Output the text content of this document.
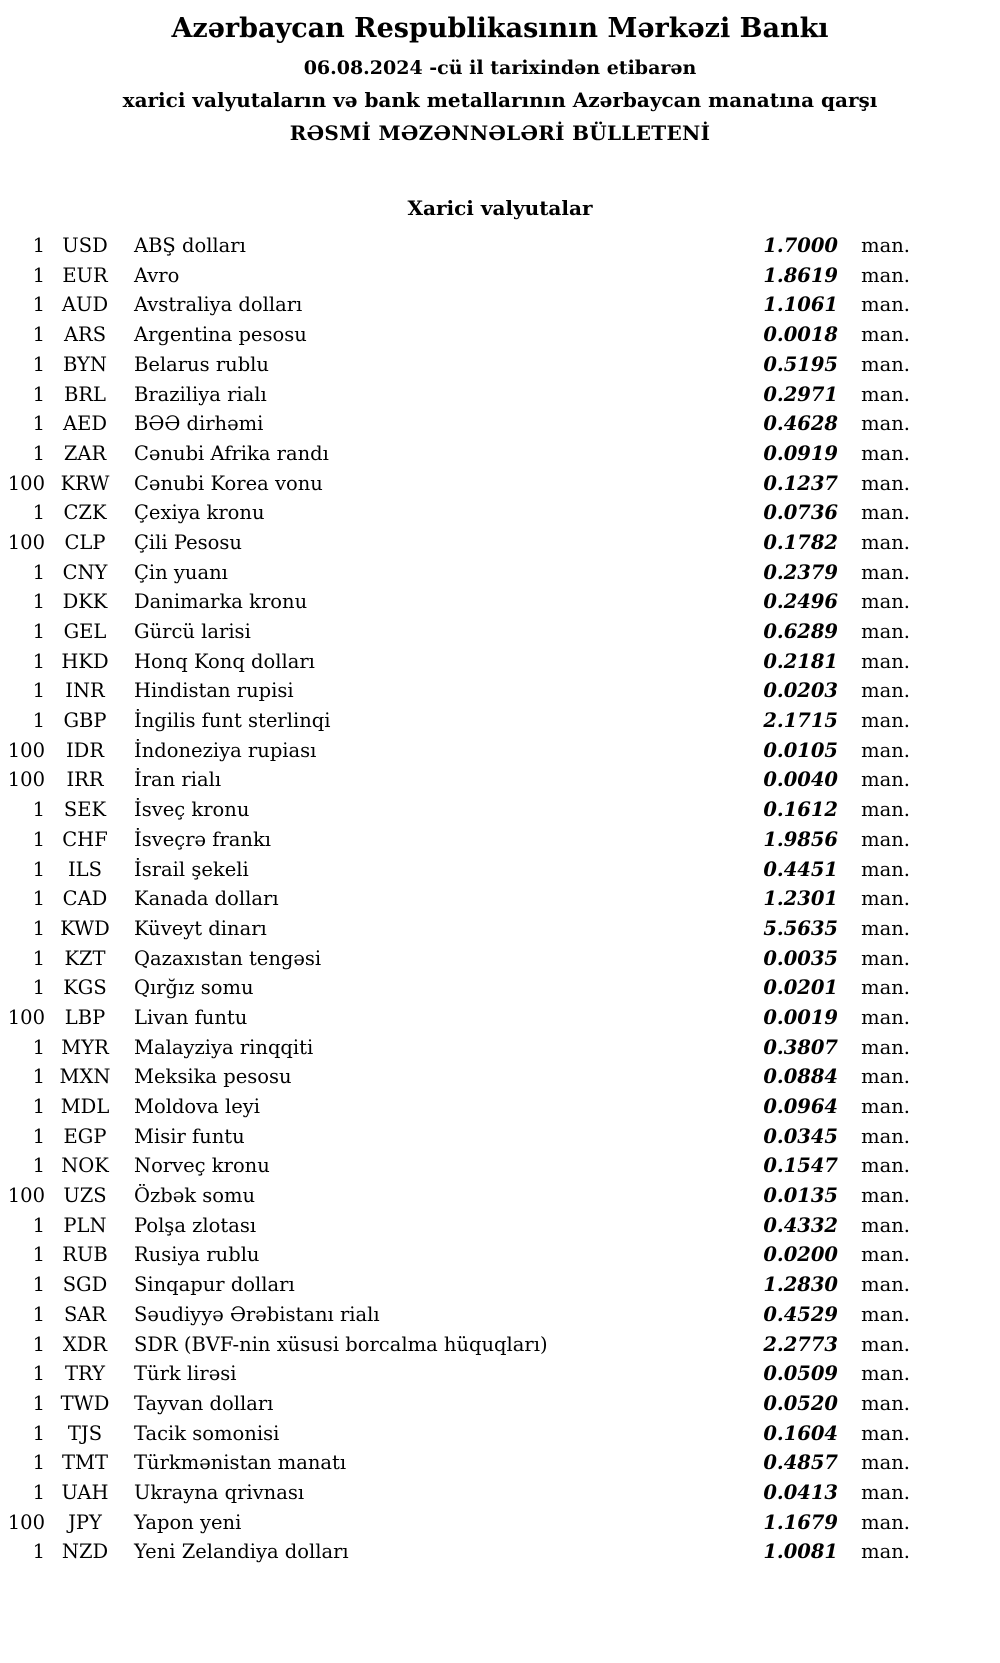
Azərbaycan Respublikasının Mərkəzi Bankı
06.08.2024 -cü il tarixindən etibarən
xarici valyutaların və bank metallarının Azərbaycan manatına qarşı
RƏSMİ MƏZƏNNƏLƏRİ BÜLLETENİ
Xarici valyutalar
1 USD	ABŞ dolları	1.7000	man.
1 EUR	Avro	1.8619	man.
1 AUD	Avstraliya dolları	1.1061	man.
1 ARS	Argentina pesosu	0.0018	man.
1 BYN	Belarus rublu	0.5195	man.
1 BRL	Braziliya rialı	0.2971	man.
1 AED	BƏƏ dirhəmi	0.4628	man.
1 ZAR	Cənubi Afrika randı	0.0919	man.
100 KRW	Cənubi Korea vonu	0.1237	man.
1 CZK	Çexiya kronu	0.0736	man.
100	CLP	Çili Pesosu	0.1782	man.
1 CNY	Çin yuanı	0.2379	man.
1 DKK	Danimarka kronu	0.2496	man.
1 GEL	Gürcü larisi	0.6289	man.
1 HKD	Honq Konq dolları	0.2181	man.
1	INR	Hindistan rupisi	0.0203	man.
1 GBP	İngilis funt sterlinqi	2.1715	man.
100	IDR	İndoneziya rupiası	0.0105	man.
100	IRR	İran rialı	0.0040	man.
1 SEK	İsveç kronu	0.1612	man.
1 CHF	İsveçrə frankı	1.9856	man.
1	ILS	İsrail şekeli	0.4451	man.
1 CAD	Kanada dolları	1.2301	man.
1 KWD	Küveyt dinarı	5.5635	man.
1 KZT	Qazaxıstan tengəsi	0.0035	man.
1 KGS	Qırğız somu	0.0201	man.
100	LBP	Livan funtu	0.0019	man.
1 MYR	Malayziya rinqqiti	0.3807	man.
1 MXN	Meksika pesosu	0.0884	man.
1 MDL	Moldova leyi	0.0964	man.
1 EGP	Misir funtu	0.0345	man.
1 NOK	Norveç kronu	0.1547	man.
100 UZS	Özbək somu	0.0135	man.
1 PLN	Polşa zlotası	0.4332	man.
1 RUB	Rusiya rublu	0.0200	man.
1 SGD	Sinqapur dolları	1.2830	man.
1 SAR	Səudiyyə Ərəbistanı rialı	0.4529	man.
1 XDR	SDR (BVF-nin xüsusi borcalma hüquqları)	2.2773	man.
1	TRY	Türk lirəsi	0.0509	man.
1 TWD	Tayvan dolları	0.0520	man.
1	TJS	Tacik somonisi	0.1604	man.
1 TMT	Türkmənistan manatı	0.4857	man.
1 UAH	Ukrayna qrivnası	0.0413	man.
100	JPY	Yapon yeni	1.1679	man.
1 NZD	Yeni Zelandiya dolları	1.0081	man.
